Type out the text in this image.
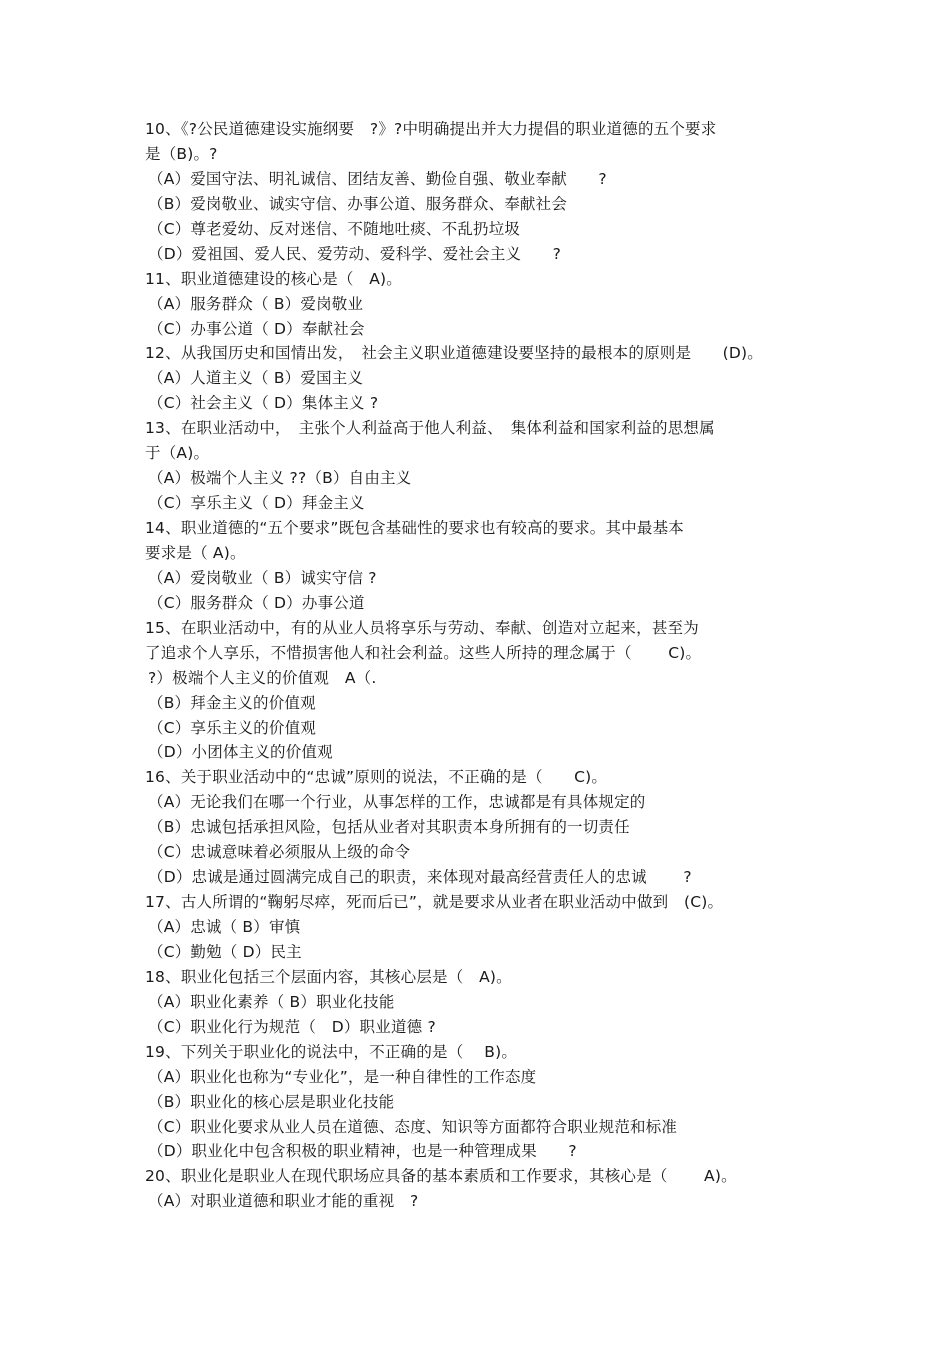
10、《?公民道德建设实施纲要　?》?中明确提出并大力提倡的职业道德的五个要求
是（B)。?
（A）爱国守法、明礼诚信、团结友善、勤俭自强、敬业奉献　　?
（B）爱岗敬业、诚实守信、办事公道、服务群众、奉献社会
（C）尊老爱幼、反对迷信、不随地吐痰、不乱扔垃圾
（D）爱祖国、爱人民、爱劳动、爱科学、爱社会主义　　?
11、职业道德建设的核心是（　A)。
（A）服务群众（ B）爱岗敬业
（C）办事公道（ D）奉献社会
12、从我国历史和国情出发，　社会主义职业道德建设要坚持的最根本的原则是　　(D)。
（A）人道主义（ B）爱国主义
（C）社会主义（ D）集体主义 ?
13、在职业活动中，　主张个人利益高于他人利益、　集体利益和国家利益的思想属
于（A)。
（A）极端个人主义 ??（B）自由主义
（C）享乐主义（ D）拜金主义
14、职业道德的“五个要求”既包含基础性的要求也有较高的要求。其中最基本
要求是（ A)。
（A）爱岗敬业（ B）诚实守信 ?
（C）服务群众（ D）办事公道
15、在职业活动中，有的从业人员将享乐与劳动、奉献、创造对立起来，甚至为
了追求个人享乐，不惜损害他人和社会利益。这些人所持的理念属于（　　 C)。
?）极端个人主义的价值观　A（.
（B）拜金主义的价值观
（C）享乐主义的价值观
（D）小团体主义的价值观
16、关于职业活动中的“忠诚”原则的说法，不正确的是（　　C)。
（A）无论我们在哪一个行业，从事怎样的工作，忠诚都是有具体规定的
（B）忠诚包括承担风险，包括从业者对其职责本身所拥有的一切责任
（C）忠诚意味着必须服从上级的命令
（D）忠诚是通过圆满完成自己的职责，来体现对最高经营责任人的忠诚　　 ?
17、古人所谓的“鞠躬尽瘁，死而后已”，就是要求从业者在职业活动中做到　(C)。
（A）忠诚（ B）审慎
（C）勤勉（ D）民主
18、职业化包括三个层面内容，其核心层是（　A)。
（A）职业化素养（ B）职业化技能
（C）职业化行为规范（　D）职业道德 ?
19、下列关于职业化的说法中，不正确的是（　 B)。
（A）职业化也称为“专业化”，是一种自律性的工作态度
（B）职业化的核心层是职业化技能
（C）职业化要求从业人员在道德、态度、知识等方面都符合职业规范和标准
（D）职业化中包含积极的职业精神，也是一种管理成果　　?
20、职业化是职业人在现代职场应具备的基本素质和工作要求，其核心是（　　 A)。
（A）对职业道德和职业才能的重视　?
